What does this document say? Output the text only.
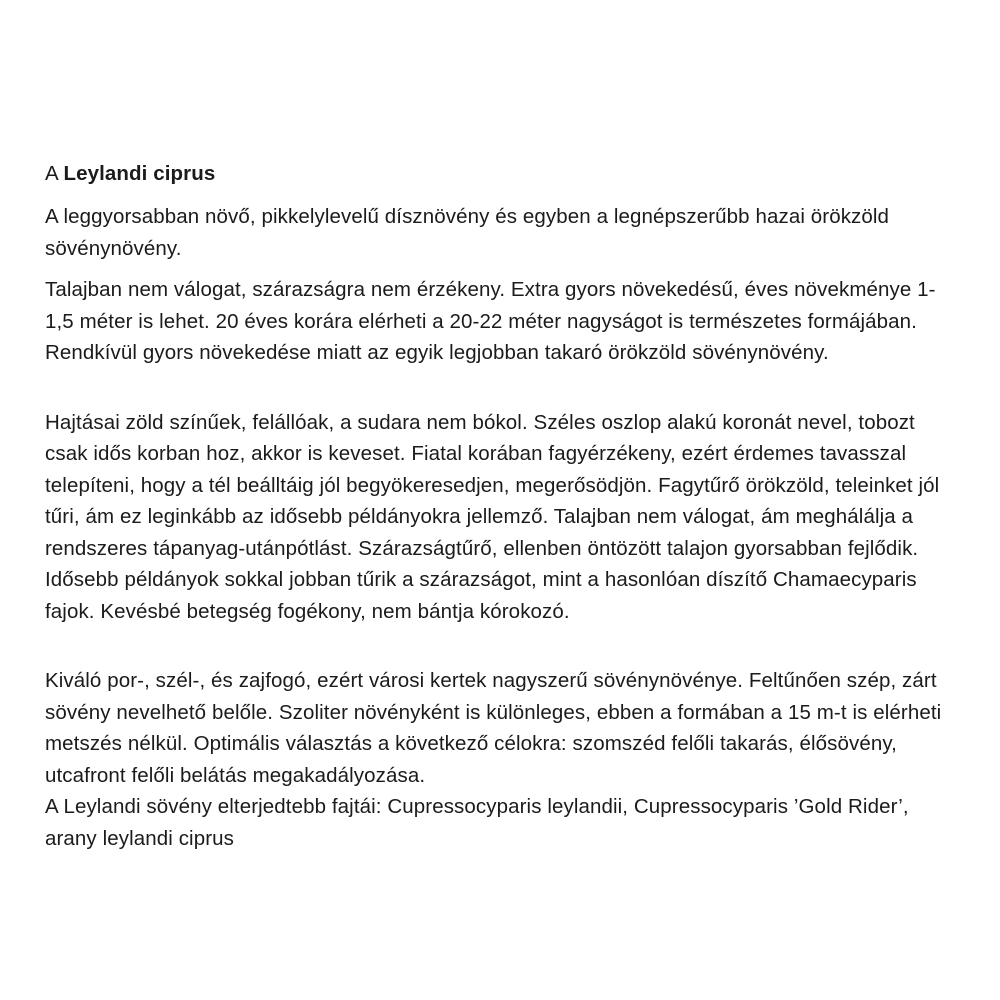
A Leylandi ciprus

A leggyorsabban növő, pikkelylevelű dísznövény és egyben a legnépszerűbb hazai örökzöld sövénynövény.

Talajban nem válogat, szárazságra nem érzékeny. Extra gyors növekedésű, éves növekménye 1-1,5 méter is lehet. 20 éves korára elérheti a 20-22 méter nagyságot is természetes formájában. Rendkívül gyors növekedése miatt az egyik legjobban takaró örökzöld sövénynövény.

Hajtásai zöld színűek, felállóak, a sudara nem bókol. Széles oszlop alakú koronát nevel, tobozt csak idős korban hoz, akkor is keveset. Fiatal korában fagyérzékeny, ezért érdemes tavasszal telepíteni, hogy a tél beálltáig jól begyökeresedjen, megerősödjön. Fagytűrő örökzöld, teleinket jól tűri, ám ez leginkább az idősebb példányokra jellemző. Talajban nem válogat, ám meghálálja a rendszeres tápanyag-utánpótlást. Szárazságtűrő, ellenben öntözött talajon gyorsabban fejlődik. Idősebb példányok sokkal jobban tűrik a szárazságot, mint a hasonlóan díszítő Chamaecyparis fajok. Kevésbé betegség fogékony, nem bántja kórokozó.

Kiváló por-, szél-, és zajfogó, ezért városi kertek nagyszerű sövénynövénye. Feltűnően szép, zárt sövény nevelhető belőle. Szoliter növényként is különleges, ebben a formában a 15 m-t is elérheti metszés nélkül. Optimális választás a következő célokra: szomszéd felőli takarás, élősövény, utcafront felőli belátás megakadályozása.

A Leylandi sövény elterjedtebb fajtái: Cupressocyparis leylandii, Cupressocyparis ’Gold Rider’, arany leylandi ciprus
